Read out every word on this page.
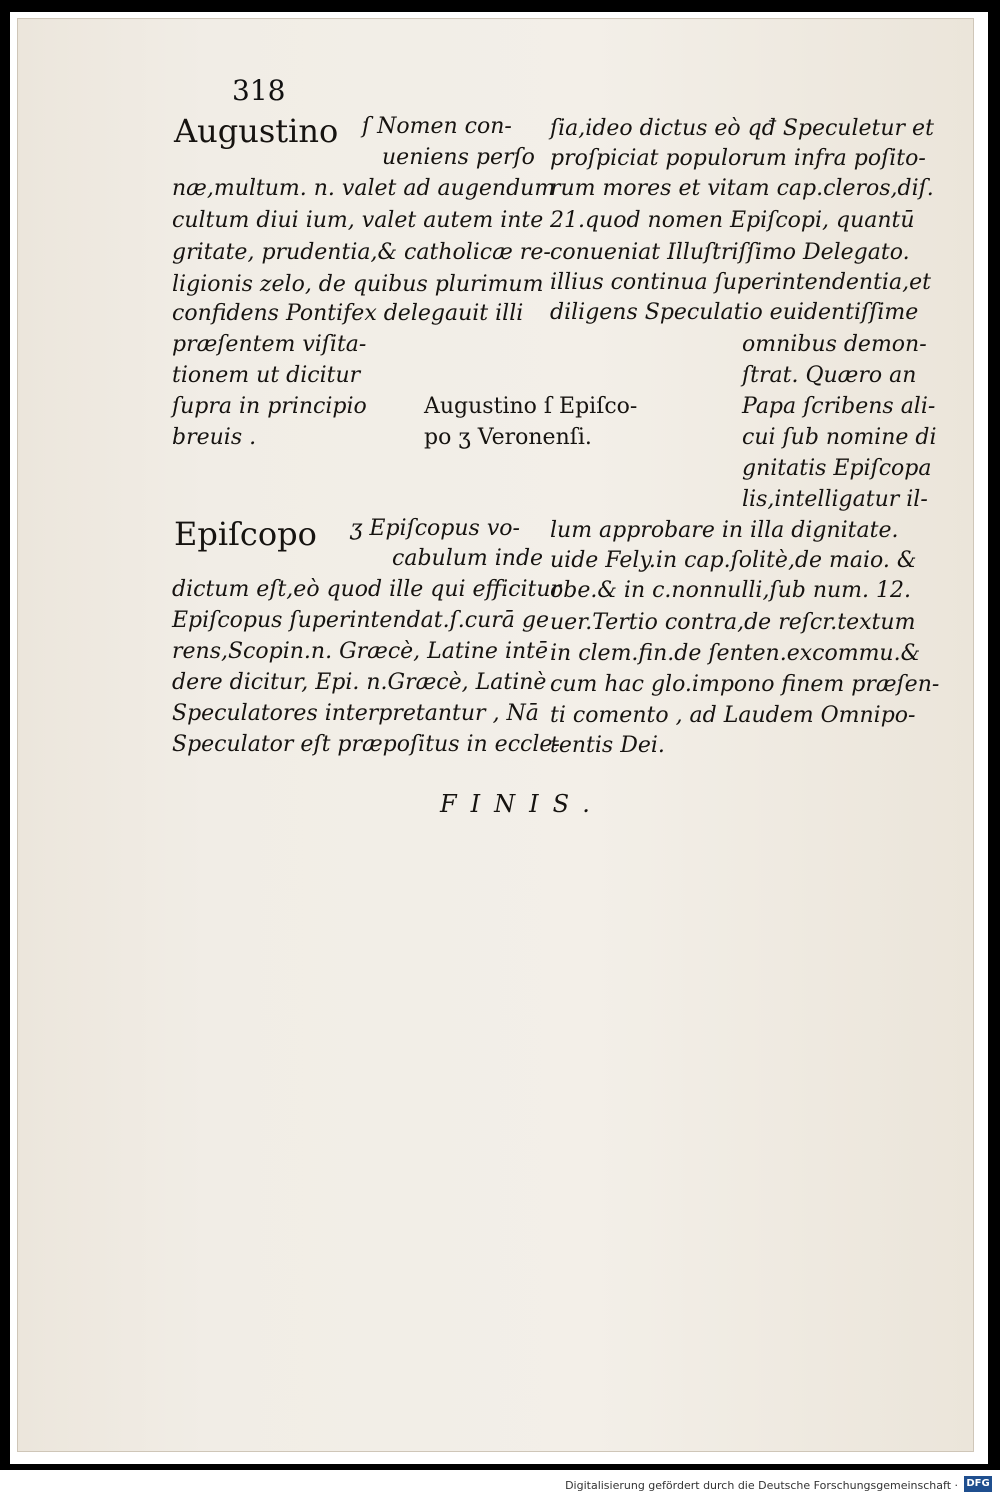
318
Augustino ſ Nomen con-
ueniens perſo
næ,multum. n. valet ad augendum
cultum diui ium, valet autem inte
gritate, prudentia,& catholicæ re-
ligionis zelo, de quibus plurimum
confidens Pontifex delegauit illi
præſentem viſita-
tionem ut dicitur
ſupra in principio
breuis .
ſia,ideo dictus eò qđ Speculetur et
proſpiciat populorum infra poſito-
rum mores et vitam cap.cleros,diſ.
21.quod nomen Epiſcopi, quantū
conueniat Illuſtriſſimo Delegato.
illius continua ſuperintendentia,et
diligens Speculatio euidentiſſime
omnibus demon-
ſtrat. Quæro an
Papa ſcribens ali-
cui ſub nomine di
gnitatis Epiſcopa
lis,intelligatur il-
Augustino ſ Epiſco-
po ʒ Veronenſi.
Epiſcopo ʒ Epiſcopus vo-
cabulum inde
dictum eſt,eò quod ille qui efficitur
Epiſcopus ſuperintendat.ſ.curā ge
rens,Scopin.n. Græcè, Latine intē
dere dicitur, Epi. n.Græcè, Latinè
Speculatores interpretantur , Nā
Speculator eſt præpoſitus in eccle-
lum approbare in illa dignitate.
uide Fely.in cap.ſolitè,de maio. &
obe.& in c.nonnulli,ſub num. 12.
uer.Tertio contra,de reſcr.textum
in clem.fin.de ſenten.excommu.&
cum hac glo.impono finem præſen-
ti comento , ad Laudem Omnipo-
tentis Dei.
FINIS.
Digitalisierung gefördert durch die Deutsche Forschungsgemeinschaft · DFG
